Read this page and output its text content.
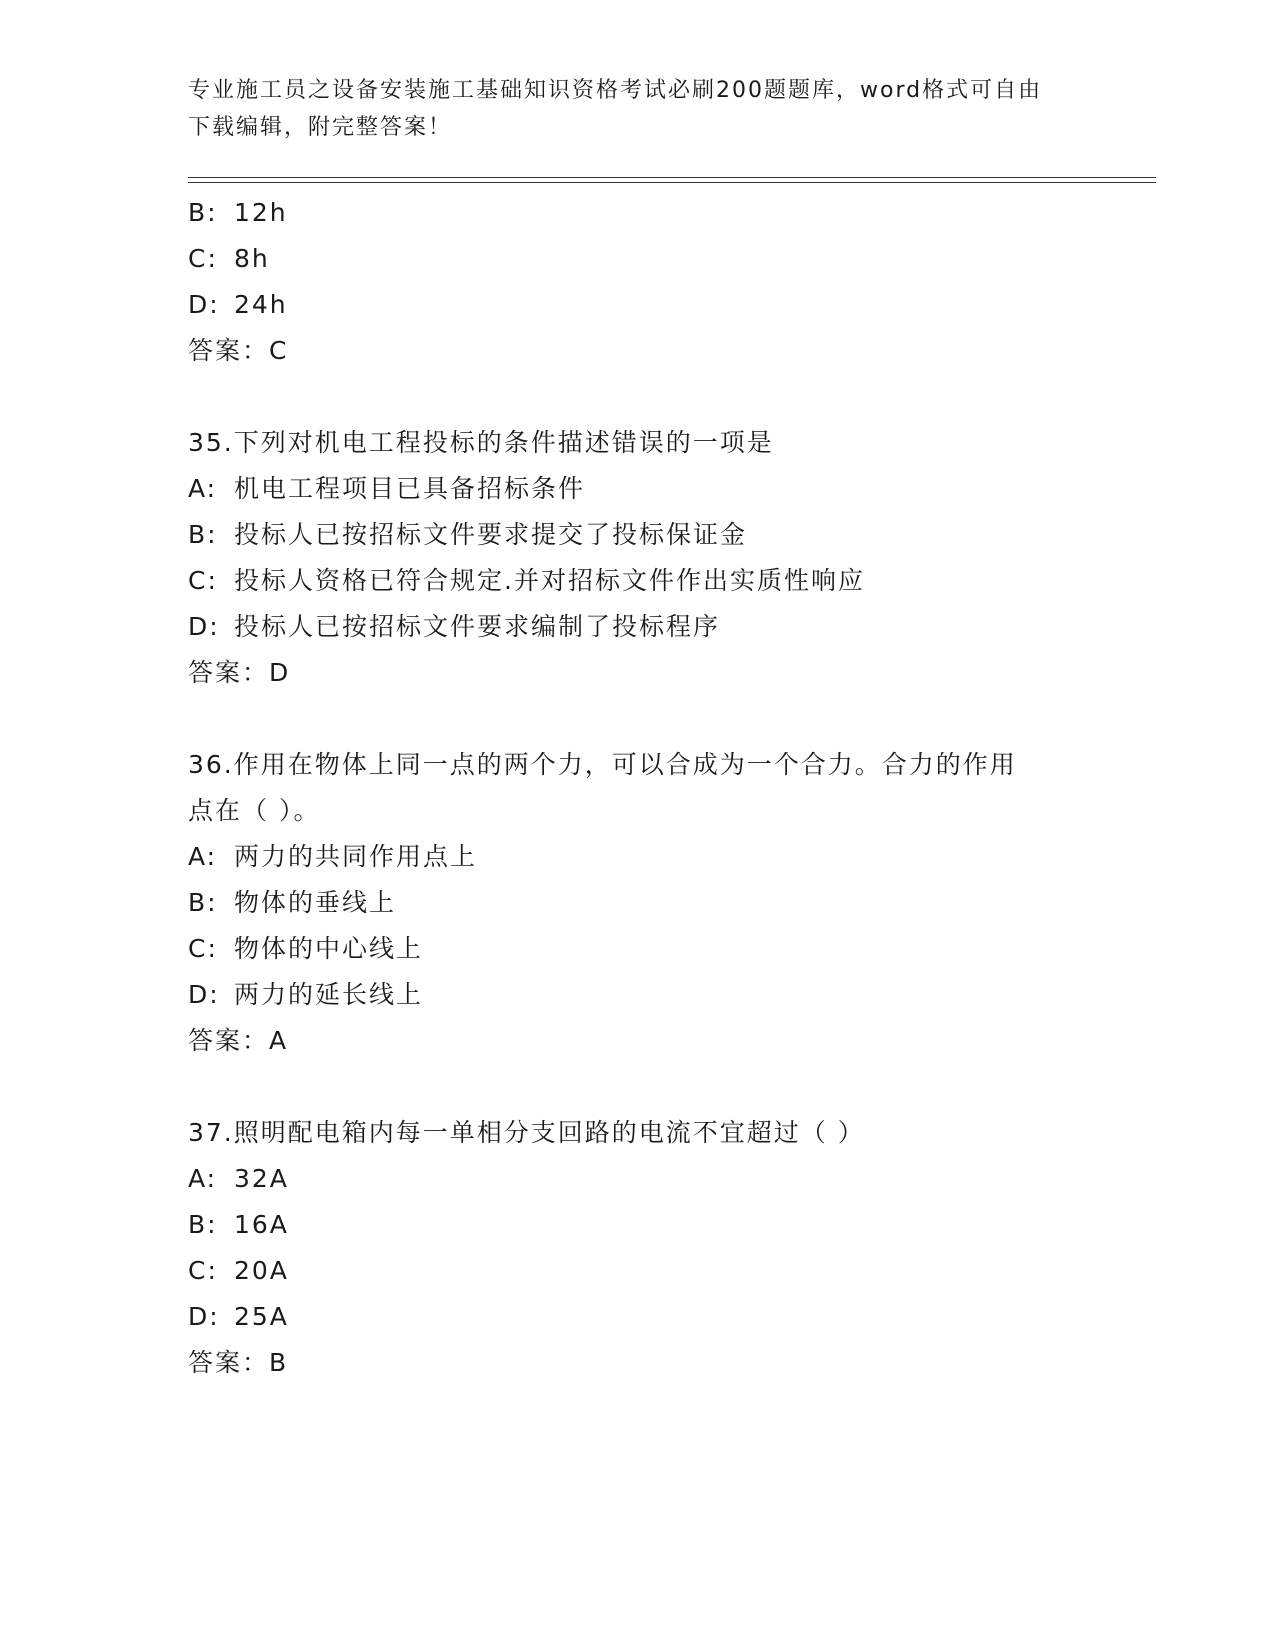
专业施工员之设备安装施工基础知识资格考试必刷200题题库，word格式可自由
下载编辑，附完整答案！
B: 12h
C: 8h
D: 24h
答案：C
35.下列对机电工程投标的条件描述错误的一项是
A: 机电工程项目已具备招标条件
B: 投标人已按招标文件要求提交了投标保证金
C: 投标人资格已符合规定.并对招标文件作出实质性响应
D: 投标人已按招标文件要求编制了投标程序
答案：D
36.作用在物体上同一点的两个力，可以合成为一个合力。合力的作用
点在（ ）。
A: 两力的共同作用点上
B: 物体的垂线上
C: 物体的中心线上
D: 两力的延长线上
答案：A
37.照明配电箱内每一单相分支回路的电流不宜超过（ ）
A: 32A
B: 16A
C: 20A
D: 25A
答案：B
